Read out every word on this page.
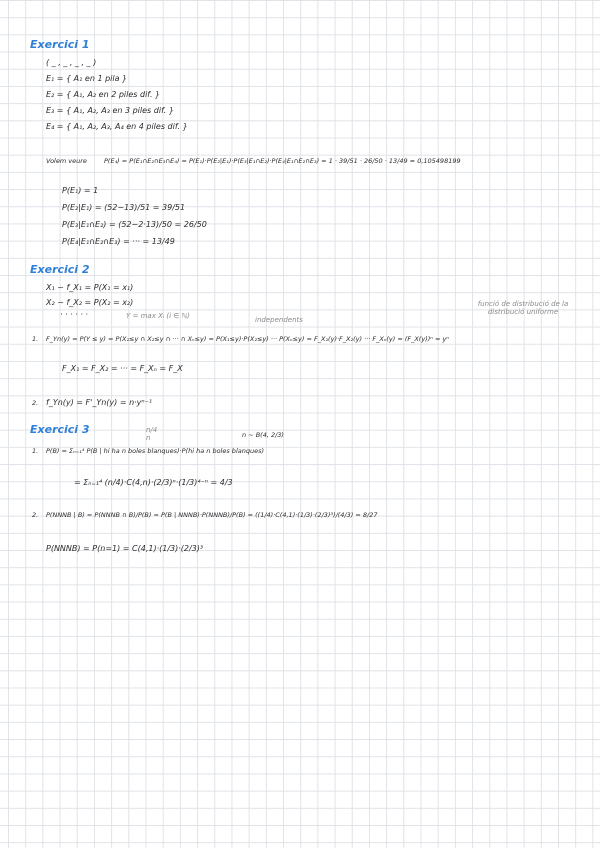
Exercici 1
( _ , _ , _ , _ )
E₁ = { A₁ en 1 pila }
E₂ = { A₁, A₂ en 2 piles dif. }
E₃ = { A₁, A₂, A₃ en 3 piles dif. }
E₄ = { A₁, A₂, A₃, A₄ en 4 piles dif. }
Volem veure	P(E₄) = P(E₁∩E₂∩E₃∩E₄) = P(E₁)·P(E₂|E₁)·P(E₃|E₁∩E₂)·P(E₄|E₁∩E₂∩E₃) = 1 · 39/51 · 26/50 · 13/49 ≈ 0,105498199
P(E₁) = 1
P(E₂|E₁) = (52−13)/51 = 39/51
P(E₃|E₁∩E₂) = (52−2·13)/50 = 26/50
P(E₄|E₁∩E₂∩E₃) = ··· = 13/49
Exercici 2
X₁ ~ f_X₁ = P(X₁ = x₁)
X₂ ~ f_X₂ = P(X₂ = x₂)
· · · · · ·	Y = max Xᵢ (i ∈ ℕ)	independents
funció de distribució de la distribució uniforme
1. F_Yn(y) = P(Y ≤ y) = P(X₁≤y ∩ X₂≤y ∩ ··· ∩ Xₙ≤y) = P(X₁≤y)·P(X₂≤y) ··· P(Xₙ≤y) = F_X₁(y)·F_X₂(y) ··· F_Xₙ(y) = (F_X(y))ⁿ = yⁿ
F_X₁ = F_X₂ = ··· = F_Xₙ = F_X
2. f_Yn(y) = F'_Yn(y) = n·yⁿ⁻¹
Exercici 3	n/4
n	n ~ B(4, 2/3)
1. P(B) = Σₙ₌₁⁴ P(B | hi ha n boles blanques)·P(hi ha n boles blanques)
= Σₙ₌₁⁴ (n/4)·C(4,n)·(2/3)ⁿ·(1/3)⁴⁻ⁿ = 4/3
2. P(NNNB | B) = P(NNNB ∩ B)/P(B) = P(B | NNNB)·P(NNNB)/P(B) = ((1/4)·C(4,1)·(1/3)·(2/3)³)/(4/3) = 8/27
P(NNNB) = P(n=1) = C(4,1)·(1/3)·(2/3)³
